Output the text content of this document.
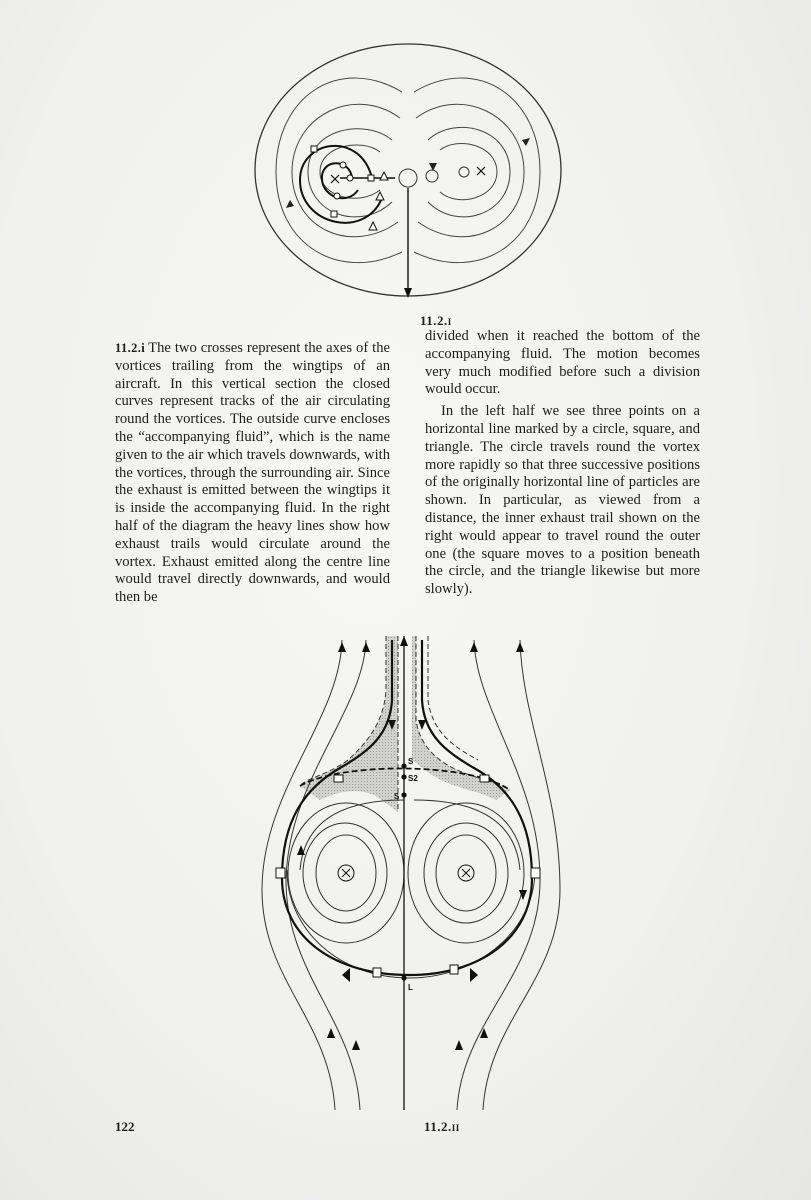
11.2.i

11.2.i The two crosses represent the axes of the vortices trailing from the wingtips of an aircraft. In this vertical section the closed curves represent tracks of the air circulating round the vortices. The outside curve encloses the “accompanying fluid”, which is the name given to the air which travels downwards, with the vortices, through the surrounding air. Since the exhaust is emitted between the wingtips it is inside the accompanying fluid. In the right half of the diagram the heavy lines show how exhaust trails would circulate around the vortex. Exhaust emitted along the centre line would travel directly downwards, and would then be

divided when it reached the bottom of the accompanying fluid. The motion becomes very much modified before such a division would occur.

In the left half we see three points on a horizontal line marked by a circle, square, and triangle. The circle travels round the vortex more rapidly so that three successive positions of the originally horizontal line of particles are shown. In particular, as viewed from a distance, the inner exhaust trail shown on the right would appear to travel round the outer one (the square moves to a position beneath the circle, and the triangle likewise but more slowly).

S
S2
S
L
122	11.2.ii
